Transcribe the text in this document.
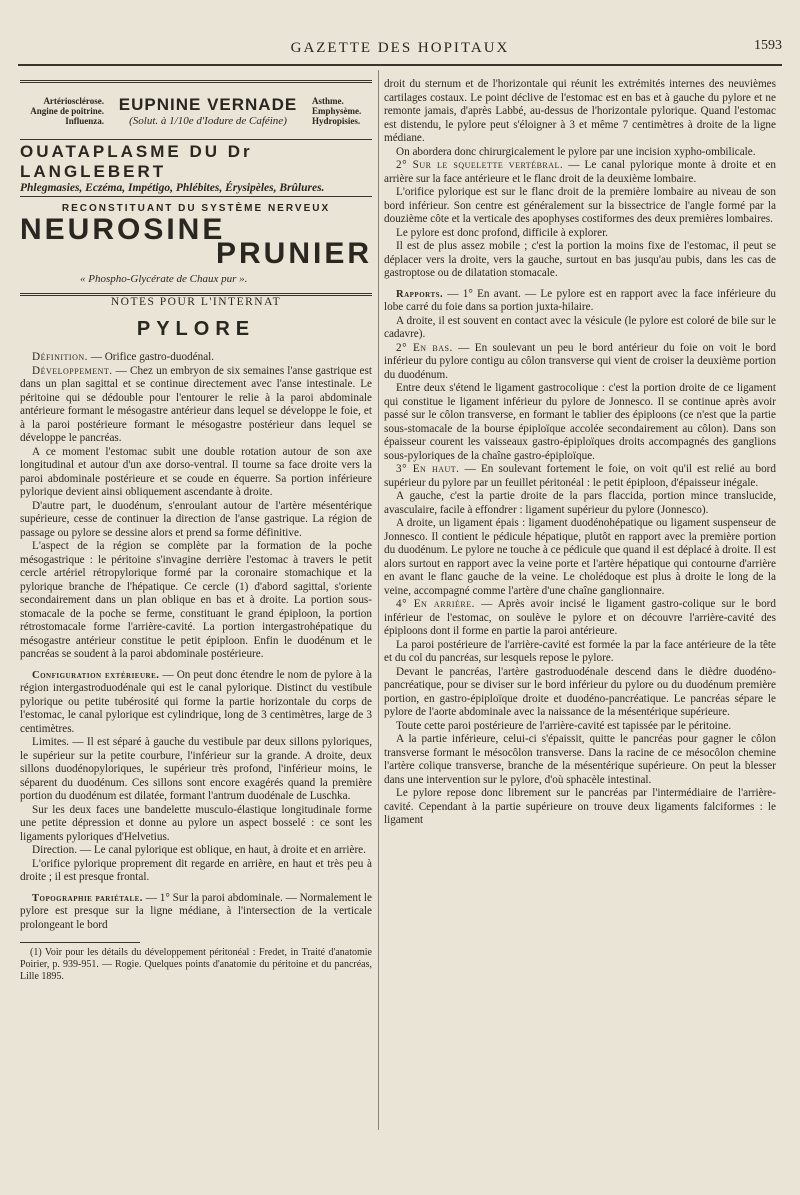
GAZETTE DES HOPITAUX	1593
Artériosclérose.
Angine de poitrine.
Influenza.
EUPNINE VERNADE
(Solut. à 1/10e d'Iodure de Caféine)
Asthme.
Emphysème.
Hydropisies.
OUATAPLASME DU Dr LANGLEBERT
Phlegmasies, Eczéma, Impétigo, Phlébites, Érysipèles, Brûlures.
RECONSTITUANT DU SYSTÈME NERVEUX
NEUROSINE
PRUNIER
« Phospho-Glycérate de Chaux pur ».
NOTES POUR L'INTERNAT
PYLORE

Définition. — Orifice gastro-duodénal.

Développement. — Chez un embryon de six semaines l'anse gastrique est dans un plan sagittal et se continue directement avec l'anse intestinale. Le péritoine qui se dédouble pour l'entourer le relie à la paroi abdominale antérieure formant le mésogastre antérieur dans lequel se développe le foie, et à la paroi postérieure formant le mésogastre postérieur dans lequel se développe le pancréas.

A ce moment l'estomac subit une double rotation autour de son axe longitudinal et autour d'un axe dorso-ventral. Il tourne sa face droite vers la paroi abdominale postérieure et se coude en équerre. Sa portion inférieure pylorique devient ainsi obliquement ascendante à droite.

D'autre part, le duodénum, s'enroulant autour de l'artère mésentérique supérieure, cesse de continuer la direction de l'anse gastrique. La région de passage ou pylore se dessine alors et prend sa forme définitive.

L'aspect de la région se complète par la formation de la poche mésogastrique : le péritoine s'invagine derrière l'estomac à travers le petit cercle artériel rétropylorique formé par la coronaire stomachique et la pylorique branche de l'hépatique. Ce cercle (1) d'abord sagittal, s'oriente secondairement dans un plan oblique en bas et à droite. La portion sous-stomacale de la poche se ferme, constituant le grand épiploon, la portion rétrostomacale forme l'arrière-cavité. La portion intergastrohépatique du mésogastre antérieur constitue le petit épiploon. Enfin le duodénum et le pancréas se soudent à la paroi abdominale postérieure.

Configuration extérieure. — On peut donc étendre le nom de pylore à la région intergastroduodénale qui est le canal pylorique. Distinct du vestibule pylorique ou petite tubérosité qui forme la partie horizontale du corps de l'estomac, le canal pylorique est cylindrique, long de 3 centimètres, large de 3 centimètres.

Limites. — Il est séparé à gauche du vestibule par deux sillons pyloriques, le supérieur sur la petite courbure, l'inférieur sur la grande. A droite, deux sillons duodénopyloriques, le supérieur très profond, l'inférieur moins, le séparent du duodénum. Ces sillons sont encore exagérés quand la première portion du duodénum est dilatée, formant l'antrum duodénale de Luschka.

Sur les deux faces une bandelette musculo-élastique longitudinale forme une petite dépression et donne au pylore un aspect bosselé : ce sont les ligaments pyloriques d'Helvetius.

Direction. — Le canal pylorique est oblique, en haut, à droite et en arrière.

L'orifice pylorique proprement dit regarde en arrière, en haut et très peu à droite ; il est presque frontal.

Topographie pariétale. — 1° Sur la paroi abdominale. — Normalement le pylore est presque sur la ligne médiane, à l'intersection de la verticale prolongeant le bord

(1) Voir pour les détails du développement péritonéal : Fredet, in Traité d'anatomie Poirier, p. 939-951. — Rogie. Quelques points d'anatomie du péritoine et du pancréas, Lille 1895.

droit du sternum et de l'horizontale qui réunit les extrémités internes des neuvièmes cartilages costaux. Le point déclive de l'estomac est en bas et à gauche du pylore et ne remonte jamais, d'après Labbé, au-dessus de l'horizontale pylorique. Quand l'estomac est distendu, le pylore peut s'éloigner à 3 et même 7 centimètres à droite de la ligne médiane.

On abordera donc chirurgicalement le pylore par une incision xypho-ombilicale.

2° Sur le squelette vertébral. — Le canal pylorique monte à droite et en arrière sur la face antérieure et le flanc droit de la deuxième lombaire.

L'orifice pylorique est sur le flanc droit de la première lombaire au niveau de son bord inférieur. Son centre est généralement sur la bissectrice de l'angle formé par la douzième côte et la verticale des apophyses costiformes des deux premières lombaires.

Le pylore est donc profond, difficile à explorer.

Il est de plus assez mobile ; c'est la portion la moins fixe de l'estomac, il peut se déplacer vers la droite, vers la gauche, surtout en bas jusqu'au pubis, dans les cas de gastroptose ou de dilatation stomacale.

Rapports. — 1° En avant. — Le pylore est en rapport avec la face inférieure du lobe carré du foie dans sa portion juxta-hilaire.

A droite, il est souvent en contact avec la vésicule (le pylore est coloré de bile sur le cadavre).

2° En bas. — En soulevant un peu le bord antérieur du foie on voit le bord inférieur du pylore contigu au côlon transverse qui vient de croiser la deuxième portion du duodénum.

Entre deux s'étend le ligament gastrocolique : c'est la portion droite de ce ligament qui constitue le ligament inférieur du pylore de Jonnesco. Il se continue après avoir passé sur le côlon transverse, en formant le tablier des épiploons (ce n'est que la partie sous-stomacale de la bourse épiploïque accolée secondairement au côlon). Dans son épaisseur courent les vaisseaux gastro-épiploïques droits accompagnés des ganglions sous-pyloriques de la chaîne gastro-épiploïque.

3° En haut. — En soulevant fortement le foie, on voit qu'il est relié au bord supérieur du pylore par un feuillet péritonéal : le petit épiploon, d'épaisseur inégale.

A gauche, c'est la partie droite de la pars flaccida, portion mince translucide, avasculaire, facile à effondrer : ligament supérieur du pylore (Jonnesco).

A droite, un ligament épais : ligament duodénohépatique ou ligament suspenseur de Jonnesco. Il contient le pédicule hépatique, plutôt en rapport avec la première portion du duodénum. Le pylore ne touche à ce pédicule que quand il est déplacé à droite. Il est alors surtout en rapport avec la veine porte et l'artère hépatique qui contourne d'arrière en avant le flanc gauche de la veine. Le cholédoque est plus à droite le long de la veine, accompagné comme l'artère d'une chaîne ganglionnaire.

4° En arrière. — Après avoir incisé le ligament gastro-colique sur le bord inférieur de l'estomac, on soulève le pylore et on découvre l'arrière-cavité des épiploons dont il forme en partie la paroi antérieure.

La paroi postérieure de l'arrière-cavité est formée la par la face antérieure de la tête et du col du pancréas, sur lesquels repose le pylore.

Devant le pancréas, l'artère gastroduodénale descend dans le dièdre duodéno-pancréatique, pour se diviser sur le bord inférieur du pylore ou du duodénum première portion, en gastro-épiploïque droite et duodéno-pancréatique. Le pancréas sépare le pylore de l'aorte abdominale avec la naissance de la mésentérique supérieure.

Toute cette paroi postérieure de l'arrière-cavité est tapissée par le péritoine.

A la partie inférieure, celui-ci s'épaissit, quitte le pancréas pour gagner le côlon transverse formant le mésocôlon transverse. Dans la racine de ce mésocôlon chemine l'artère colique transverse, branche de la mésentérique supérieure. On peut la blesser dans une intervention sur le pylore, d'où sphacèle intestinal.

Le pylore repose donc librement sur le pancréas par l'intermédiaire de l'arrière-cavité. Cependant à la partie supérieure on trouve deux ligaments falciformes : le ligament
